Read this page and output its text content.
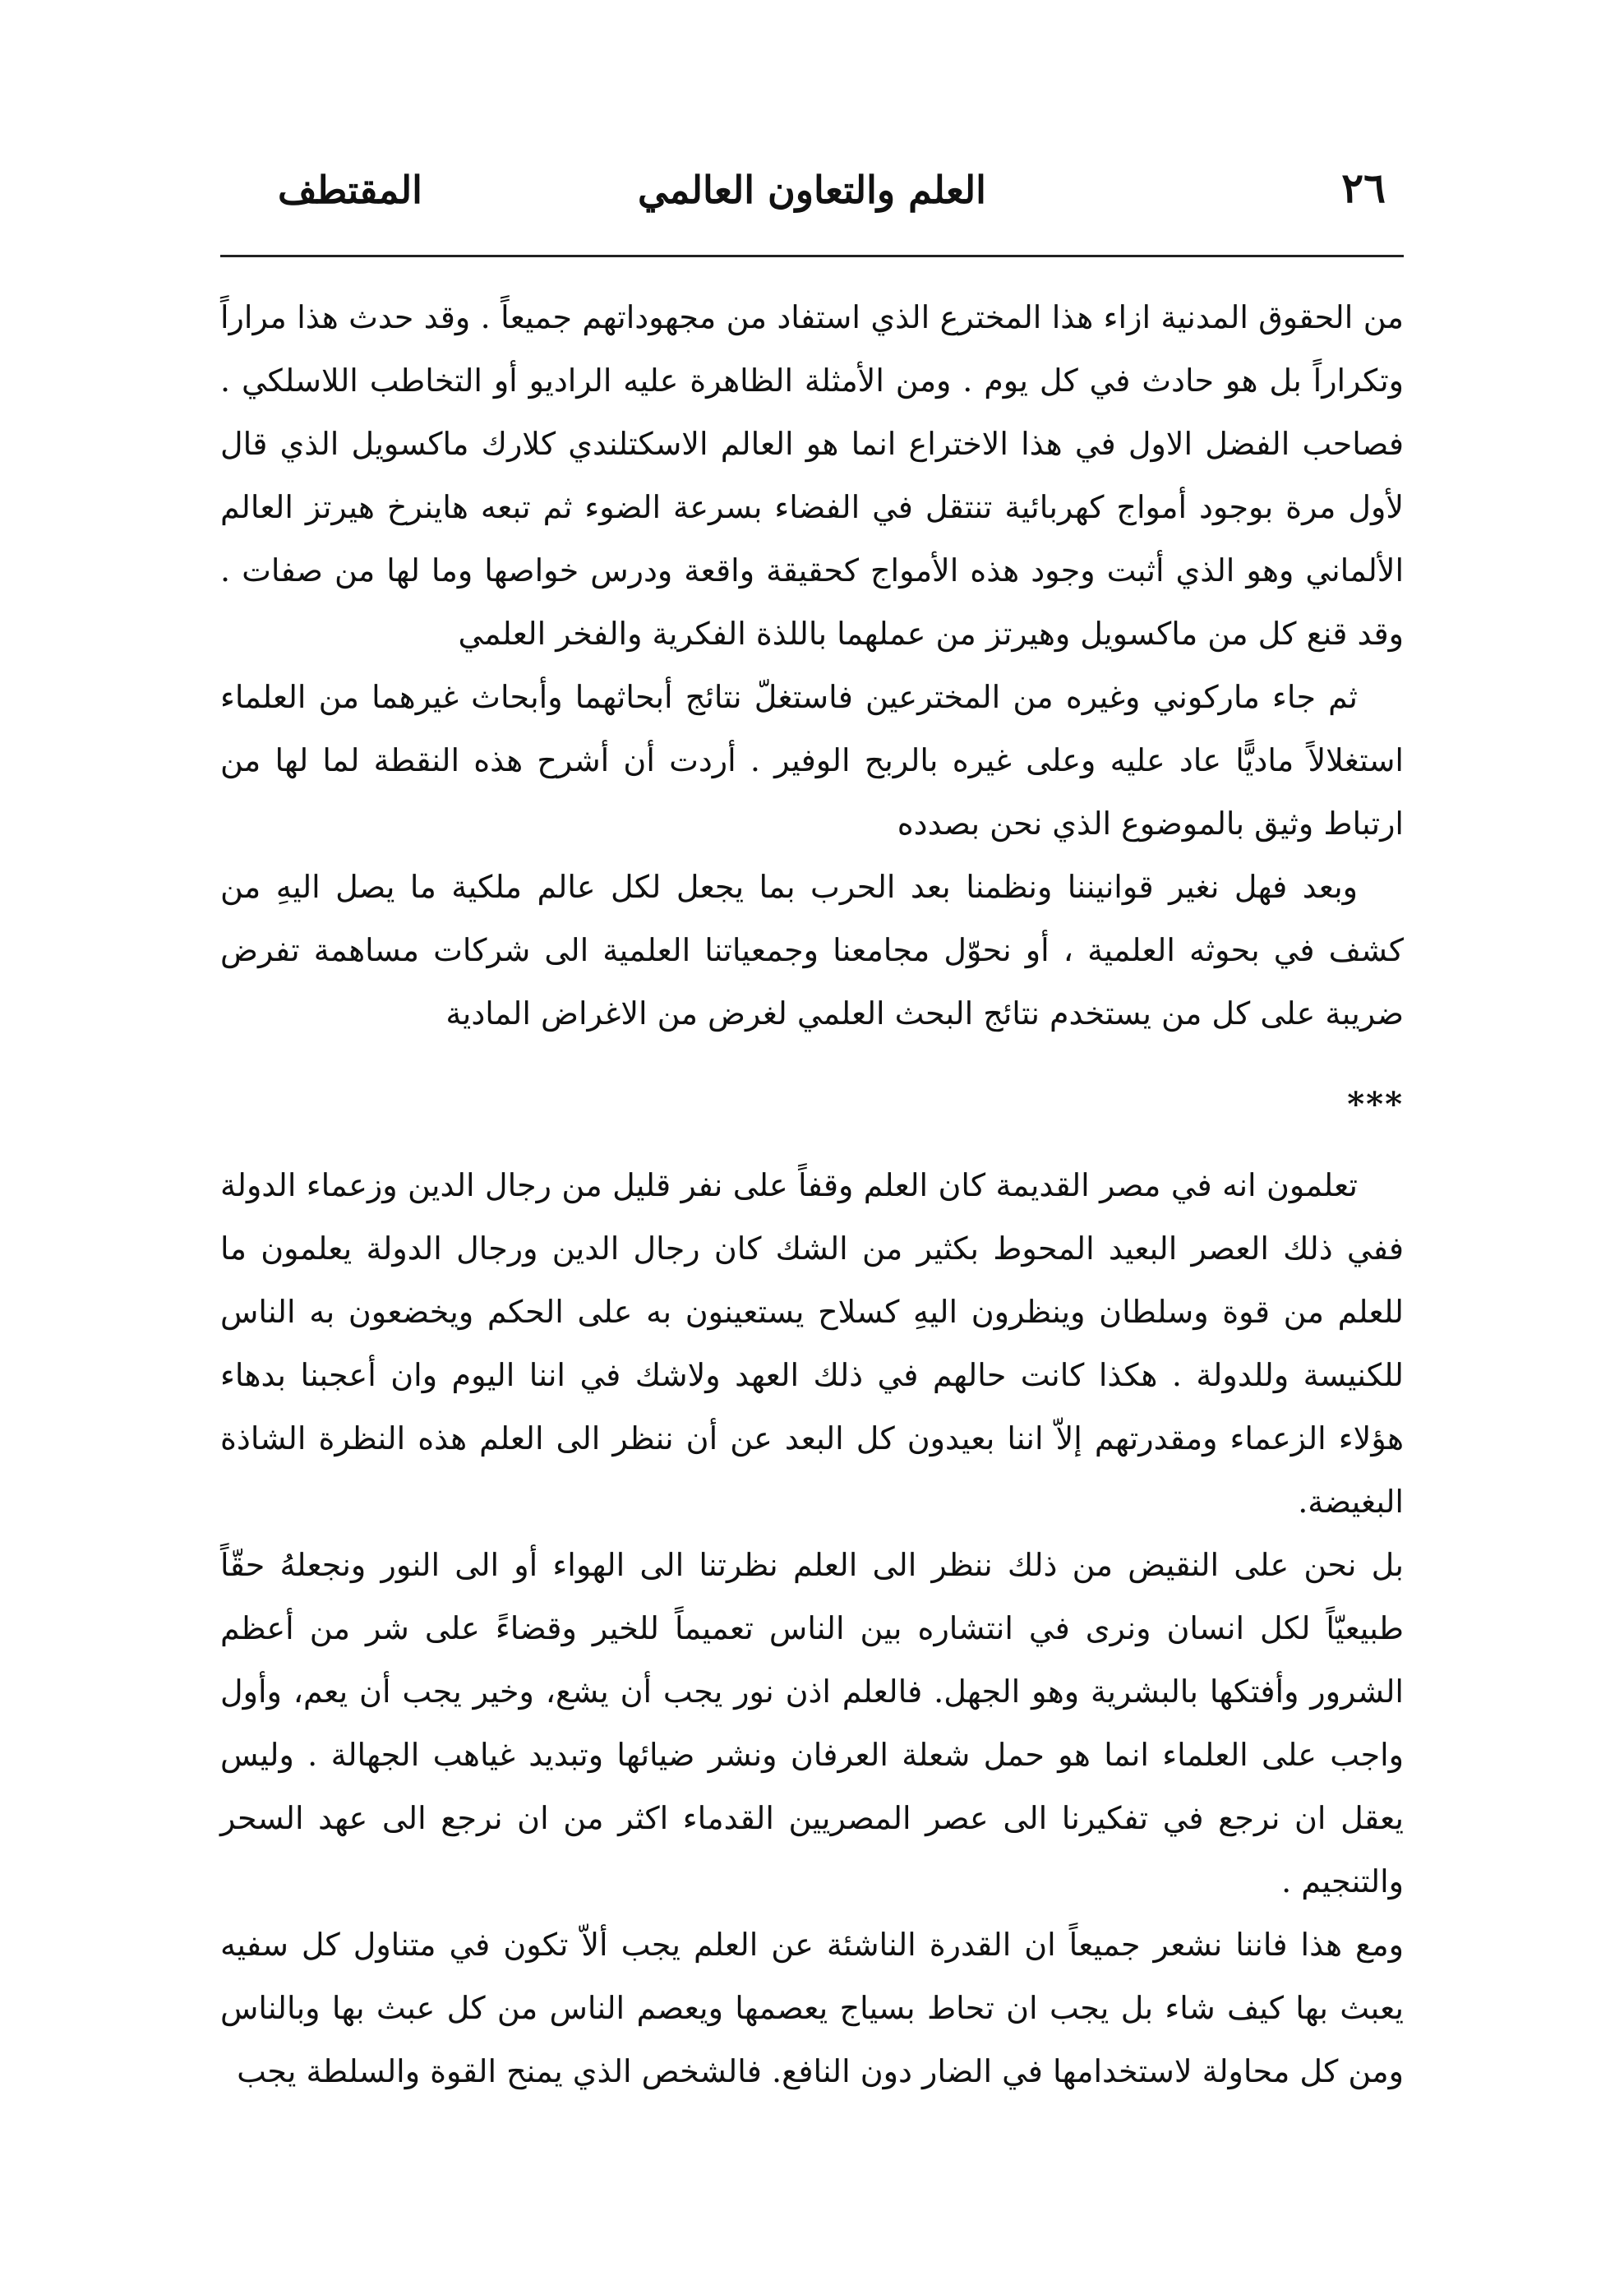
٢٦
العلم والتعاون العالمي
المقتطف

من الحقوق المدنية ازاء هذا المخترع الذي استفاد من مجهوداتهم جميعاً . وقد حدث هذا مراراً وتكراراً بل هو حادث في كل يوم . ومن الأمثلة الظاهرة عليه الراديو أو التخاطب اللاسلكي . فصاحب الفضل الاول في هذا الاختراع انما هو العالم الاسكتلندي كلارك ماكسويل الذي قال لأول مرة بوجود أمواج كهربائية تنتقل في الفضاء بسرعة الضوء ثم تبعه هاينرخ هيرتز العالم الألماني وهو الذي أثبت وجود هذه الأمواج كحقيقة واقعة ودرس خواصها وما لها من صفات . وقد قنع كل من ماكسويل وهيرتز من عملهما باللذة الفكرية والفخر العلمي

ثم جاء ماركوني وغيره من المخترعين فاستغلّ نتائج أبحاثهما وأبحاث غيرهما من العلماء استغلالاً ماديًّا عاد عليه وعلى غيره بالربح الوفير . أردت أن أشرح هذه النقطة لما لها من ارتباط وثيق بالموضوع الذي نحن بصدده

وبعد فهل نغير قوانيننا ونظمنا بعد الحرب بما يجعل لكل عالم ملكية ما يصل اليهِ من كشف في بحوثه العلمية ، أو نحوّل مجامعنا وجمعياتنا العلمية الى شركات مساهمة تفرض ضريبة على كل من يستخدم نتائج البحث العلمي لغرض من الاغراض المادية

***

تعلمون انه في مصر القديمة كان العلم وقفاً على نفر قليل من رجال الدين وزعماء الدولة ففي ذلك العصر البعيد المحوط بكثير من الشك كان رجال الدين ورجال الدولة يعلمون ما للعلم من قوة وسلطان وينظرون اليهِ كسلاح يستعينون به على الحكم ويخضعون به الناس للكنيسة وللدولة . هكذا كانت حالهم في ذلك العهد ولاشك في اننا اليوم وان أعجبنا بدهاء هؤلاء الزعماء ومقدرتهم إلاّ اننا بعيدون كل البعد عن أن ننظر الى العلم هذه النظرة الشاذة البغيضة.

بل نحن على النقيض من ذلك ننظر الى العلم نظرتنا الى الهواء أو الى النور ونجعلهُ حقّاً طبيعيّاً لكل انسان ونرى في انتشاره بين الناس تعميماً للخير وقضاءً على شر من أعظم الشرور وأفتكها بالبشرية وهو الجهل. فالعلم اذن نور يجب أن يشع، وخير يجب أن يعم، وأول واجب على العلماء انما هو حمل شعلة العرفان ونشر ضيائها وتبديد غياهب الجهالة . وليس يعقل ان نرجع في تفكيرنا الى عصر المصريين القدماء اكثر من ان نرجع الى عهد السحر والتنجيم .

ومع هذا فاننا نشعر جميعاً ان القدرة الناشئة عن العلم يجب ألاّ تكون في متناول كل سفيه يعبث بها كيف شاء بل يجب ان تحاط بسياج يعصمها ويعصم الناس من كل عبث بها وبالناس ومن كل محاولة لاستخدامها في الضار دون النافع. فالشخص الذي يمنح القوة والسلطة يجب
